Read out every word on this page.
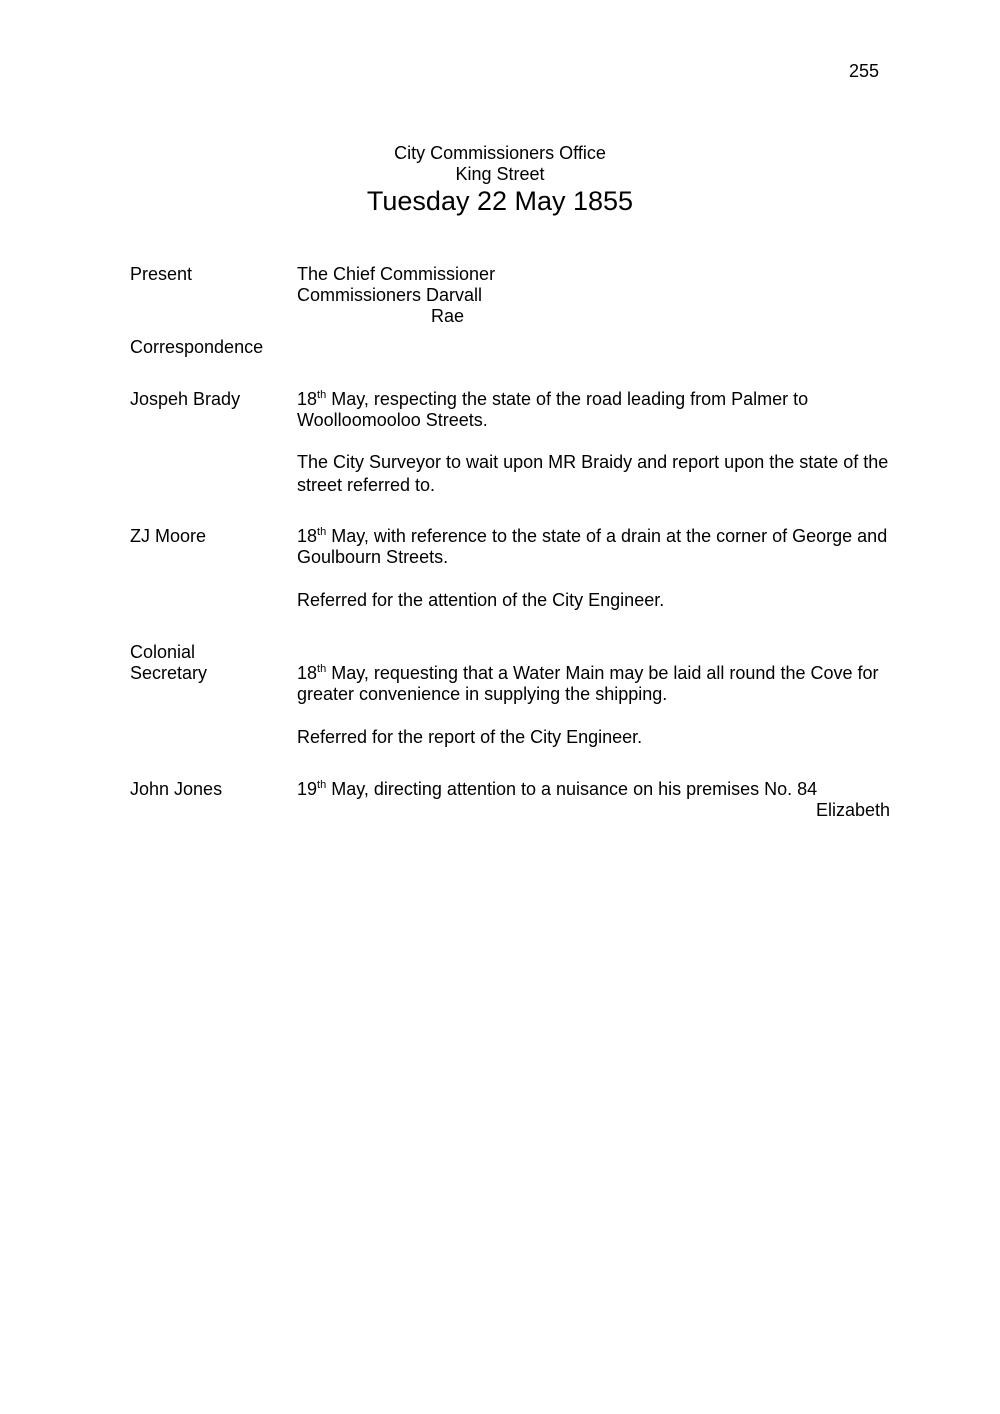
255
City Commissioners Office
King Street
Tuesday 22 May 1855
Present	The Chief Commissioner
Commissioners Darvall
Rae
Correspondence
Jospeh Brady	18th May, respecting the state of the road leading from Palmer to
Woolloomooloo Streets.
The City Surveyor to wait upon MR Braidy and report upon the state of the
street referred to.
ZJ Moore	18th May, with reference to the state of a drain at the corner of George and
Goulbourn Streets.
Referred for the attention of the City Engineer.
Colonial
Secretary	18th May, requesting that a Water Main may be laid all round the Cove for
greater convenience in supplying the shipping.
Referred for the report of the City Engineer.
John Jones	19th May, directing attention to a nuisance on his premises No. 84
Elizabeth
